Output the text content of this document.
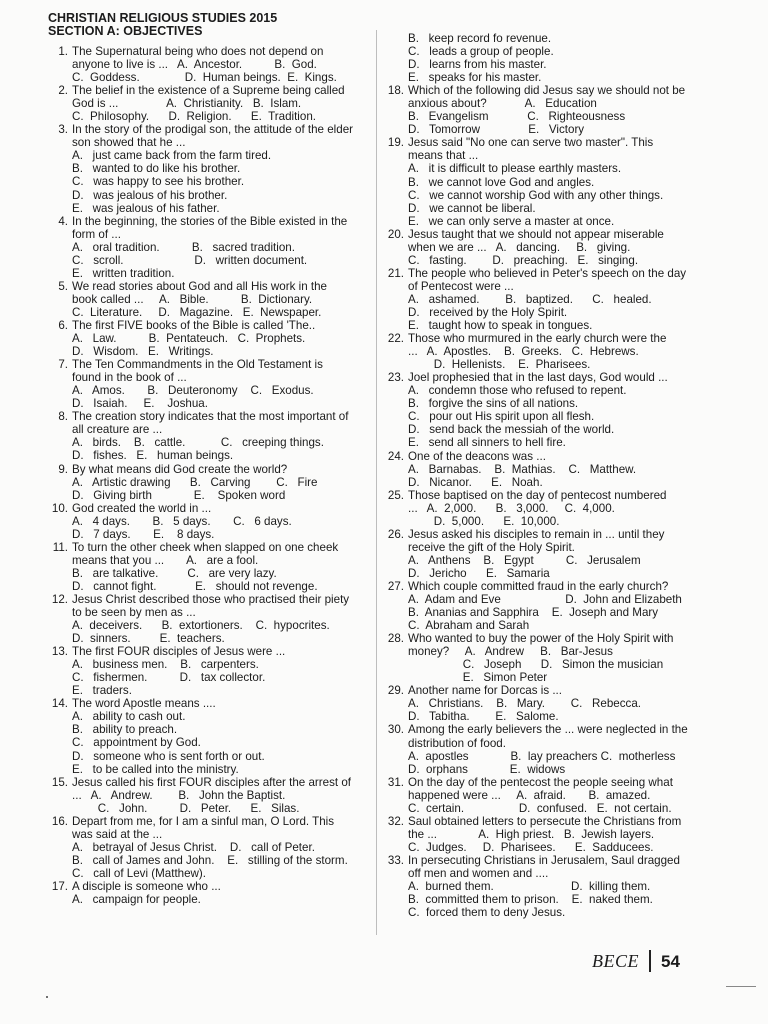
CHRISTIAN RELIGIOUS STUDIES 2015
SECTION A: OBJECTIVES
1. The Supernatural being who does not depend on
anyone to live is ...   A.  Ancestor.          B.  God.
C.  Goddess.              D.  Human beings.  E.  Kings.
2. The belief in the existence of a Supreme being called
God is ...               A.  Christianity.   B.  Islam.
C.  Philosophy.      D.  Religion.      E.  Tradition.
3. In the story of the prodigal son, the attitude of the elder
son showed that he ...
A.   just came back from the farm tired.
B.   wanted to do like his brother.
C.   was happy to see his brother.
D.   was jealous of his brother.
E.   was jealous of his father.
4. In the beginning, the stories of the Bible existed in the
form of ...
A.   oral tradition.          B.   sacred tradition.
C.   scroll.                      D.   written document.
E.   written tradition.
5. We read stories about God and all His work in the
book called ...     A.   Bible.          B.  Dictionary.
C.  Literature.     D.   Magazine.   E.  Newspaper.
6. The first FIVE books of the Bible is called 'The..
A.   Law.          B.  Pentateuch.   C.  Prophets.
D.   Wisdom.   E.   Writings.
7. The Ten Commandments in the Old Testament is
found in the book of ...
A.   Amos.       B.   Deuteronomy    C.   Exodus.
D.   Isaiah.     E.    Joshua.
8. The creation story indicates that the most important of
all creature are ...
A.   birds.    B.   cattle.           C.   creeping things.
D.   fishes.   E.   human beings.
9. By what means did God create the world?
A.   Artistic drawing      B.   Carving        C.   Fire
D.   Giving birth             E.    Spoken word
10. God created the world in ...
A.   4 days.       B.   5 days.       C.   6 days.
D.   7 days.       E.    8 days.
11. To turn the other cheek when slapped on one cheek
means that you ...       A.   are a fool.
B.   are talkative.         C.   are very lazy.
D.   cannot fight.            E.   should not revenge.
12. Jesus Christ described those who practised their piety
to be seen by men as ...
A.  deceivers.      B.  extortioners.    C.  hypocrites.
D.  sinners.         E.  teachers.
13. The first FOUR disciples of Jesus were ...
A.   business men.    B.   carpenters.
C.   fishermen.          D.   tax collector.
E.   traders.
14. The word Apostle means ....
A.   ability to cash out.
B.   ability to preach.
C.   appointment by God.
D.   someone who is sent forth or out.
E.   to be called into the ministry.
15. Jesus called his first FOUR disciples after the arrest of
...   A.   Andrew.        B.   John the Baptist.
C.   John.          D.   Peter.      E.   Silas.
16. Depart from me, for I am a sinful man, O Lord. This
was said at the ...
A.   betrayal of Jesus Christ.    D.   call of Peter.
B.   call of James and John.    E.   stilling of the storm.
C.   call of Levi (Matthew).
17. A disciple is someone who ...
A.   campaign for people.
B.   keep record fo revenue.
C.   leads a group of people.
D.   learns from his master.
E.   speaks for his master.
18. Which of the following did Jesus say we should not be
anxious about?            A.   Education
B.   Evangelism            C.   Righteousness
D.   Tomorrow               E.   Victory
19. Jesus said "No one can serve two master". This
means that ...
A.   it is difficult to please earthly masters.
B.   we cannot love God and angles.
C.   we cannot worship God with any other things.
D.   we cannot be liberal.
E.   we can only serve a master at once.
20. Jesus taught that we should not appear miserable
when we are ...   A.   dancing.     B.   giving.
C.   fasting.        D.   preaching.   E.   singing.
21. The people who believed in Peter's speech on the day
of Pentecost were ...
A.   ashamed.        B.   baptized.      C.   healed.
D.   received by the Holy Spirit.
E.   taught how to speak in tongues.
22. Those who murmured in the early church were the
...   A.  Apostles.    B.  Greeks.   C.  Hebrews.
D.  Hellenists.    E.  Pharisees.
23. Joel prophesied that in the last days, God would ...
A.   condemn those who refused to repent.
B.   forgive the sins of all nations.
C.   pour out His spirit upon all flesh.
D.   send back the messiah of the world.
E.   send all sinners to hell fire.
24. One of the deacons was ...
A.   Barnabas.    B.  Mathias.    C.   Matthew.
D.   Nicanor.      E.   Noah.
25. Those baptised on the day of pentecost numbered
...   A.  2,000.      B.   3,000.     C.  4,000.
D.  5,000.      E.  10,000.
26. Jesus asked his disciples to remain in ... until they
receive the gift of the Holy Spirit.
A.   Anthens    B.   Egypt          C.   Jerusalem
D.   Jericho      E.   Samaria
27. Which couple committed fraud in the early church?
A.  Adam and Eve                    D.  John and Elizabeth
B.  Ananias and Sapphira    E.  Joseph and Mary
C.  Abraham and Sarah
28. Who wanted to buy the power of the Holy Spirit with
money?     A.   Andrew     B.   Bar-Jesus
C.   Joseph      D.   Simon the musician
E.   Simon Peter
29. Another name for Dorcas is ...
A.   Christians.    B.   Mary.        C.   Rebecca.
D.   Tabitha.        E.   Salome.
30. Among the early believers the ... were neglected in the
distribution of food.
A.  apostles             B.  lay preachers C.  motherless
D.  orphans             E.  widows
31. On the day of the pentecost the people seeing what
happened were ...     A.  afraid.       B.  amazed.
C.  certain.                 D.  confused.   E.  not certain.
32. Saul obtained letters to persecute the Christians from
the ...             A.  High priest.   B.  Jewish layers.
C.  Judges.     D.  Pharisees.      E.  Sadducees.
33. In persecuting Christians in Jerusalem, Saul dragged
off men and women and ....
A.  burned them.                        D.  killing them.
B.  committed them to prison.    E.  naked them.
C.  forced them to deny Jesus.
BECE 54
